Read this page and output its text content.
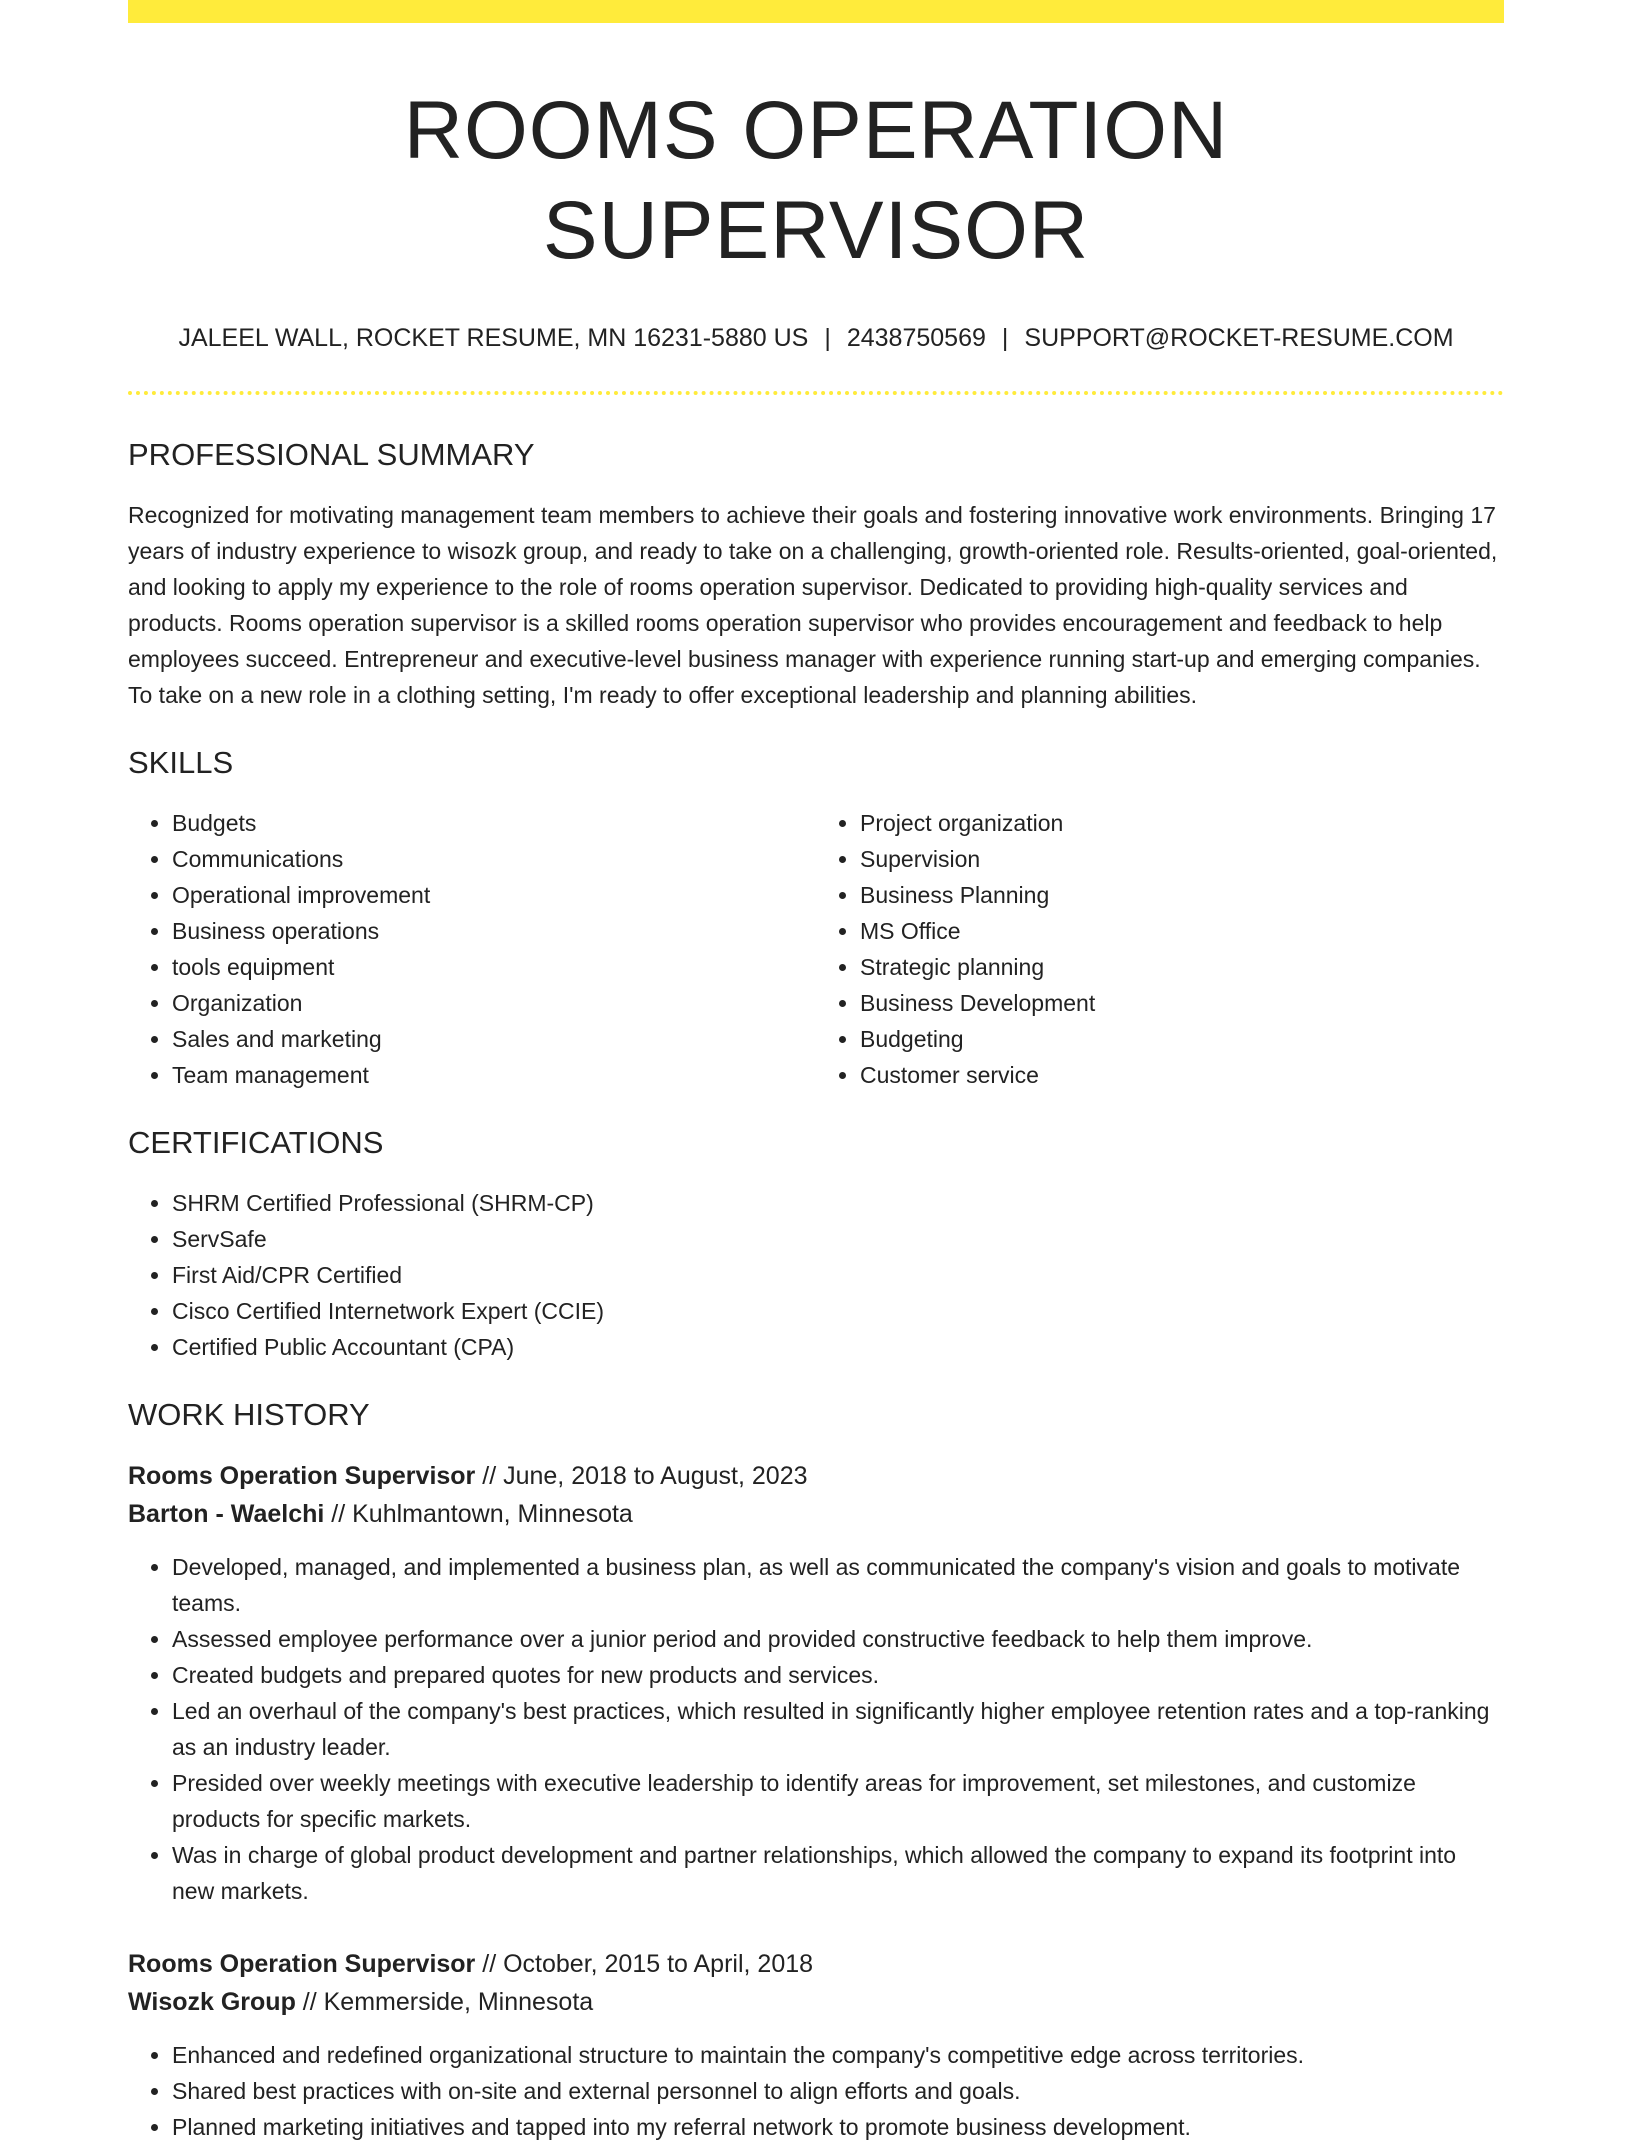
ROOMS OPERATION SUPERVISOR
JALEEL WALL, ROCKET RESUME, MN 16231-5880 US | 2438750569 | SUPPORT@ROCKET-RESUME.COM
PROFESSIONAL SUMMARY

Recognized for motivating management team members to achieve their goals and fostering innovative work environments. Bringing 17 years of industry experience to wisozk group, and ready to take on a challenging, growth-oriented role. Results-oriented, goal-oriented, and looking to apply my experience to the role of rooms operation supervisor. Dedicated to providing high-quality services and products. Rooms operation supervisor is a skilled rooms operation supervisor who provides encouragement and feedback to help employees succeed. Entrepreneur and executive-level business manager with experience running start-up and emerging companies. To take on a new role in a clothing setting, I'm ready to offer exceptional leadership and planning abilities.

SKILLS
• Budgets
• Communications
• Operational improvement
• Business operations
• tools equipment
• Organization
• Sales and marketing
• Team management
• Project organization
• Supervision
• Business Planning
• MS Office
• Strategic planning
• Business Development
• Budgeting
• Customer service
CERTIFICATIONS
• SHRM Certified Professional (SHRM-CP)
• ServSafe
• First Aid/CPR Certified
• Cisco Certified Internetwork Expert (CCIE)
• Certified Public Accountant (CPA)
WORK HISTORY

Rooms Operation Supervisor // June, 2018 to August, 2023

Barton - Waelchi // Kuhlmantown, Minnesota

• Developed, managed, and implemented a business plan, as well as communicated the company's vision and goals to motivate teams.
• Assessed employee performance over a junior period and provided constructive feedback to help them improve.
• Created budgets and prepared quotes for new products and services.
• Led an overhaul of the company's best practices, which resulted in significantly higher employee retention rates and a top-ranking as an industry leader.
• Presided over weekly meetings with executive leadership to identify areas for improvement, set milestones, and customize products for specific markets.
• Was in charge of global product development and partner relationships, which allowed the company to expand its footprint into new markets.

Rooms Operation Supervisor // October, 2015 to April, 2018

Wisozk Group // Kemmerside, Minnesota

• Enhanced and redefined organizational structure to maintain the company's competitive edge across territories.
• Shared best practices with on-site and external personnel to align efforts and goals.
• Planned marketing initiatives and tapped into my referral network to promote business development.
